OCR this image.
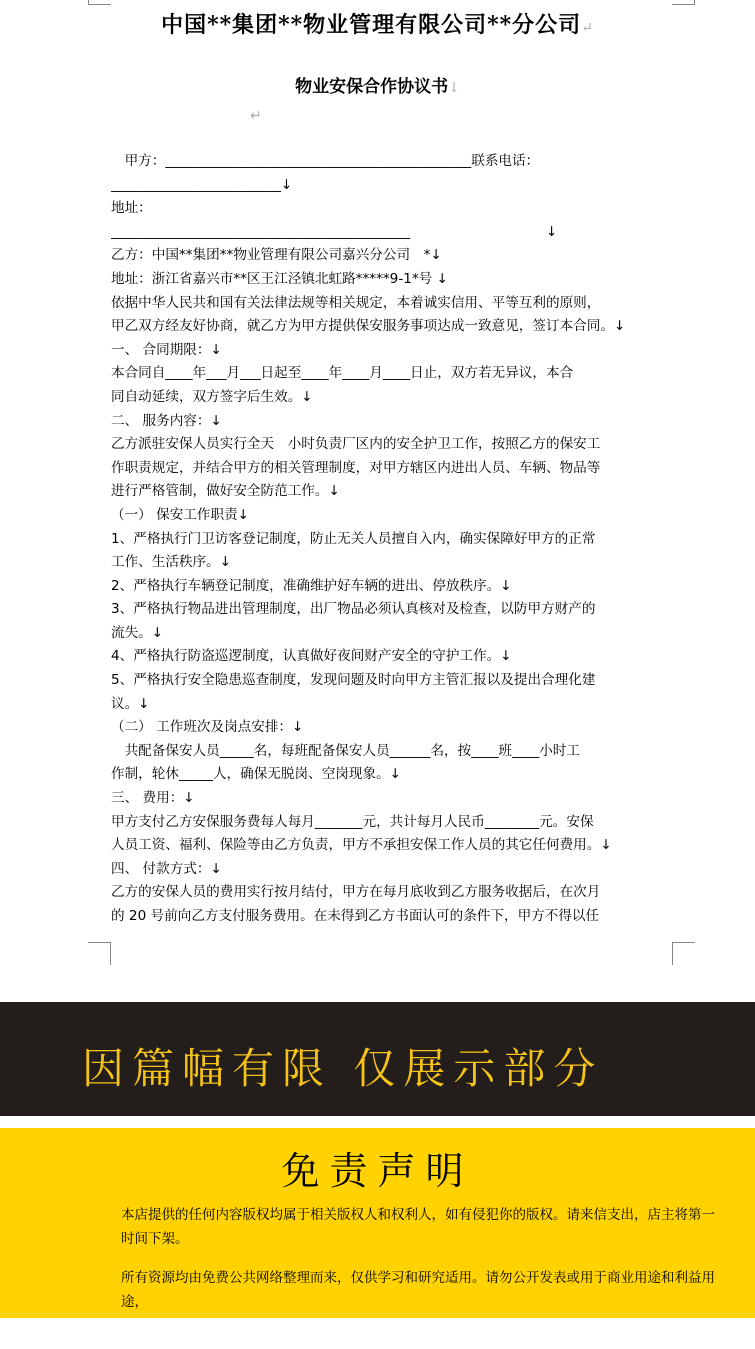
中国**集团**物业管理有限公司**分公司↵
物业安保合作协议书↓
↵
　甲方：_____________________________________________联系电话：
_________________________↓
地址：
____________________________________________　　　　　　　　　　↓
乙方：中国**集团**物业管理有限公司嘉兴分公司　*↓
地址：浙江省嘉兴市**区王江泾镇北虹路*****9-1*号 ↓
依据中华人民共和国有关法律法规等相关规定，本着诚实信用、平等互利的原则，
甲乙双方经友好协商，就乙方为甲方提供保安服务事项达成一致意见，签订本合同。↓
一、 合同期限：↓
本合同自____年___月___日起至____年____月____日止，双方若无异议，本合
同自动延续，双方签字后生效。↓
二、 服务内容：↓
乙方派驻安保人员实行全天　小时负责厂区内的安全护卫工作，按照乙方的保安工
作职责规定，并结合甲方的相关管理制度，对甲方辖区内进出人员、车辆、物品等
进行严格管制，做好安全防范工作。↓
（一） 保安工作职责↓
1、严格执行门卫访客登记制度，防止无关人员擅自入内，确实保障好甲方的正常
工作、生活秩序。↓
2、严格执行车辆登记制度，准确维护好车辆的进出、停放秩序。↓
3、严格执行物品进出管理制度，出厂物品必须认真核对及检查，以防甲方财产的
流失。↓
4、严格执行防盗巡逻制度，认真做好夜间财产安全的守护工作。↓
5、严格执行安全隐患巡查制度，发现问题及时向甲方主管汇报以及提出合理化建
议。↓
（二） 工作班次及岗点安排：↓
　共配备保安人员_____名，每班配备保安人员______名，按____班____小时工
作制，轮休_____人，确保无脱岗、空岗现象。↓
三、 费用：↓
甲方支付乙方安保服务费每人每月_______元，共计每月人民币________元。安保
人员工资、福利、保险等由乙方负责，甲方不承担安保工作人员的其它任何费用。↓
四、 付款方式：↓
乙方的安保人员的费用实行按月结付，甲方在每月底收到乙方服务收据后，在次月
的 20 号前向乙方支付服务费用。在未得到乙方书面认可的条件下，甲方不得以任
因篇幅有限 仅展示部分
免责声明
本店提供的任何内容版权均属于相关版权人和权利人，如有侵犯你的版权。请来信支出，店主将第一时间下架。
所有资源均由免费公共网络整理而来，仅供学习和研究适用。请勿公开发表或用于商业用途和利益用途，
